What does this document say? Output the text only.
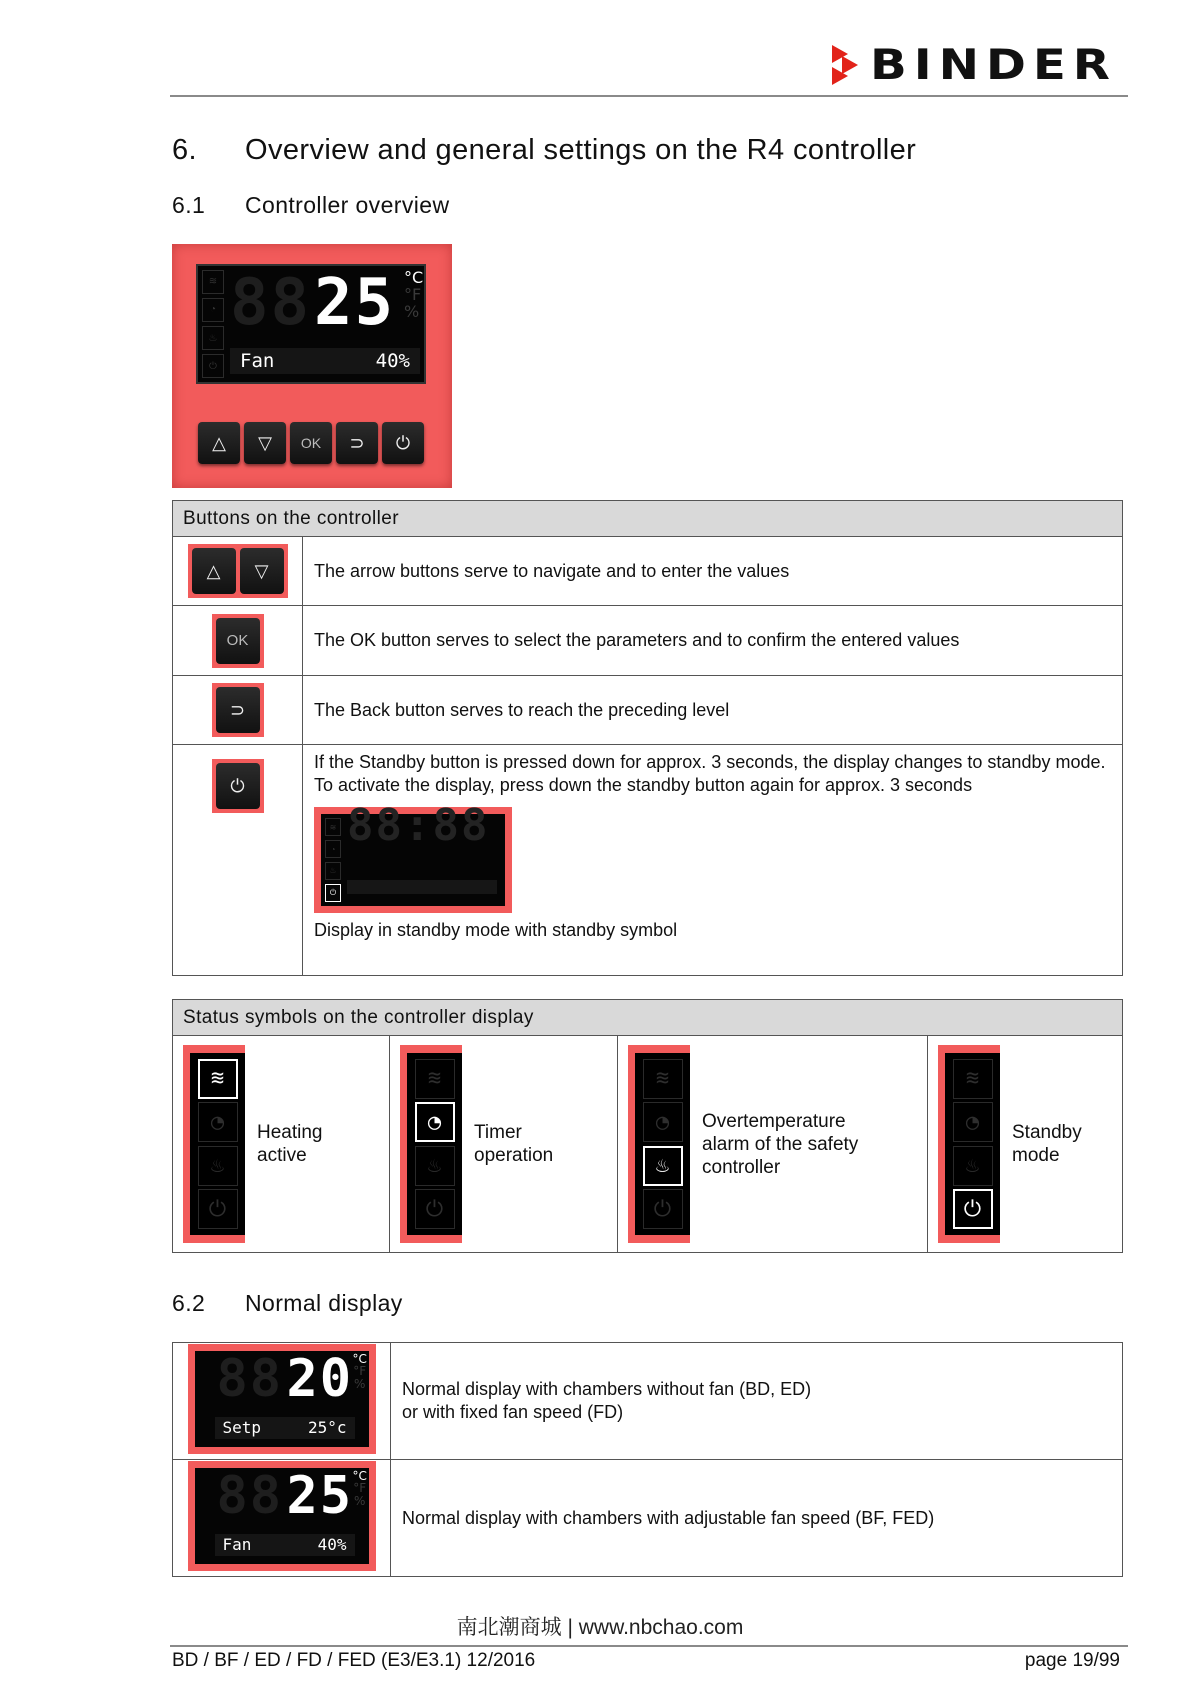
BINDER
6. Overview and general settings on the R4 controller
6.1 Controller overview
≋
◔
♨
⏻
88 25 °C
°F
%
Fan	40%
△	▽	OK	⊃	⏻
Buttons on the controller	

△ ▽	The arrow buttons serve to navigate and to enter the values

OK	The OK button serves to select the parameters and to confirm the entered values

⊃	The Back button serves to reach the preceding level

⏻

If the Standby button is pressed down for approx. 3 seconds, the display changes to standby mode. To activate the display, press down the standby button again for approx. 3 seconds
≋
◔
♨
⏻
88:88
Display in standby mode with standby symbol
Status symbols on the controller display

≋
◔
♨
⏻
Heating active

≋
◔
♨
⏻
Timer operation

≋
◔
♨
⏻
Overtemperature alarm of the safety controller

≋
◔
♨
⏻
Standby mode
6.2 Normal display
88 20 °C
°F
%
Setp	25°c

Normal display with chambers without fan (BD, ED)
or with fixed fan speed (FD)

88 25 °C
°F
%
Fan	40%
	Normal display with chambers with adjustable fan speed (BF, FED)
南北潮商城 | www.nbchao.com
BD / BF / ED / FD / FED (E3/E3.1) 12/2016	page 19/99
